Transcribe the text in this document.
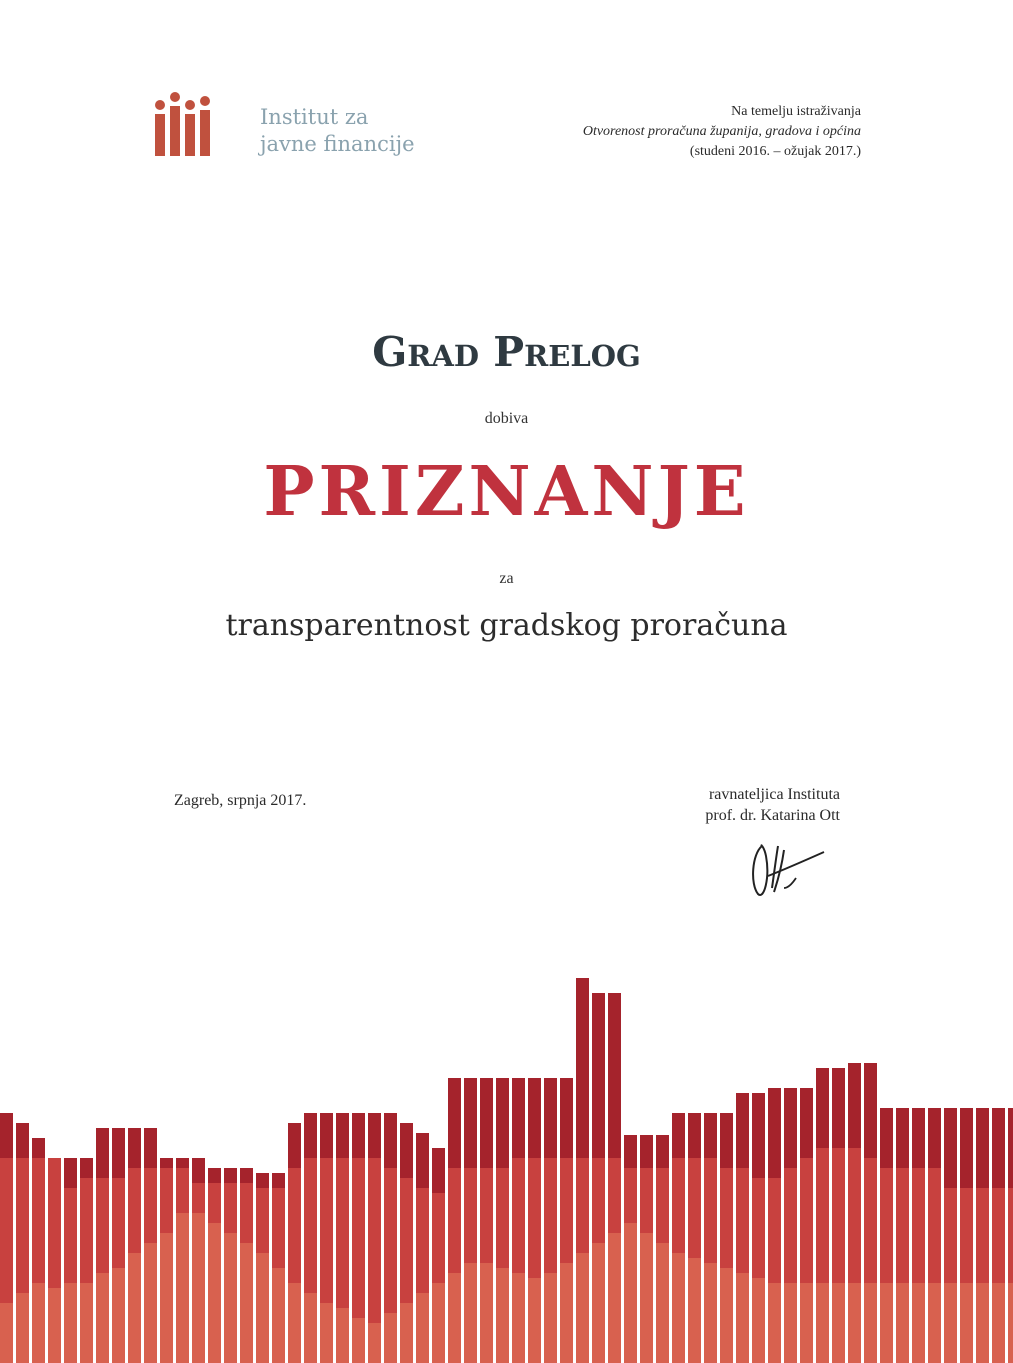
Institut za
javne financije
Na temelju istraživanja
Otvorenost proračuna županija, gradova i općina
(studeni 2016. – ožujak 2017.)
Grad Prelog
dobiva
PRIZNANJE
za
transparentnost gradskog proračuna
Zagreb, srpnja 2017.	ravnateljica Instituta
prof. dr. Katarina Ott
